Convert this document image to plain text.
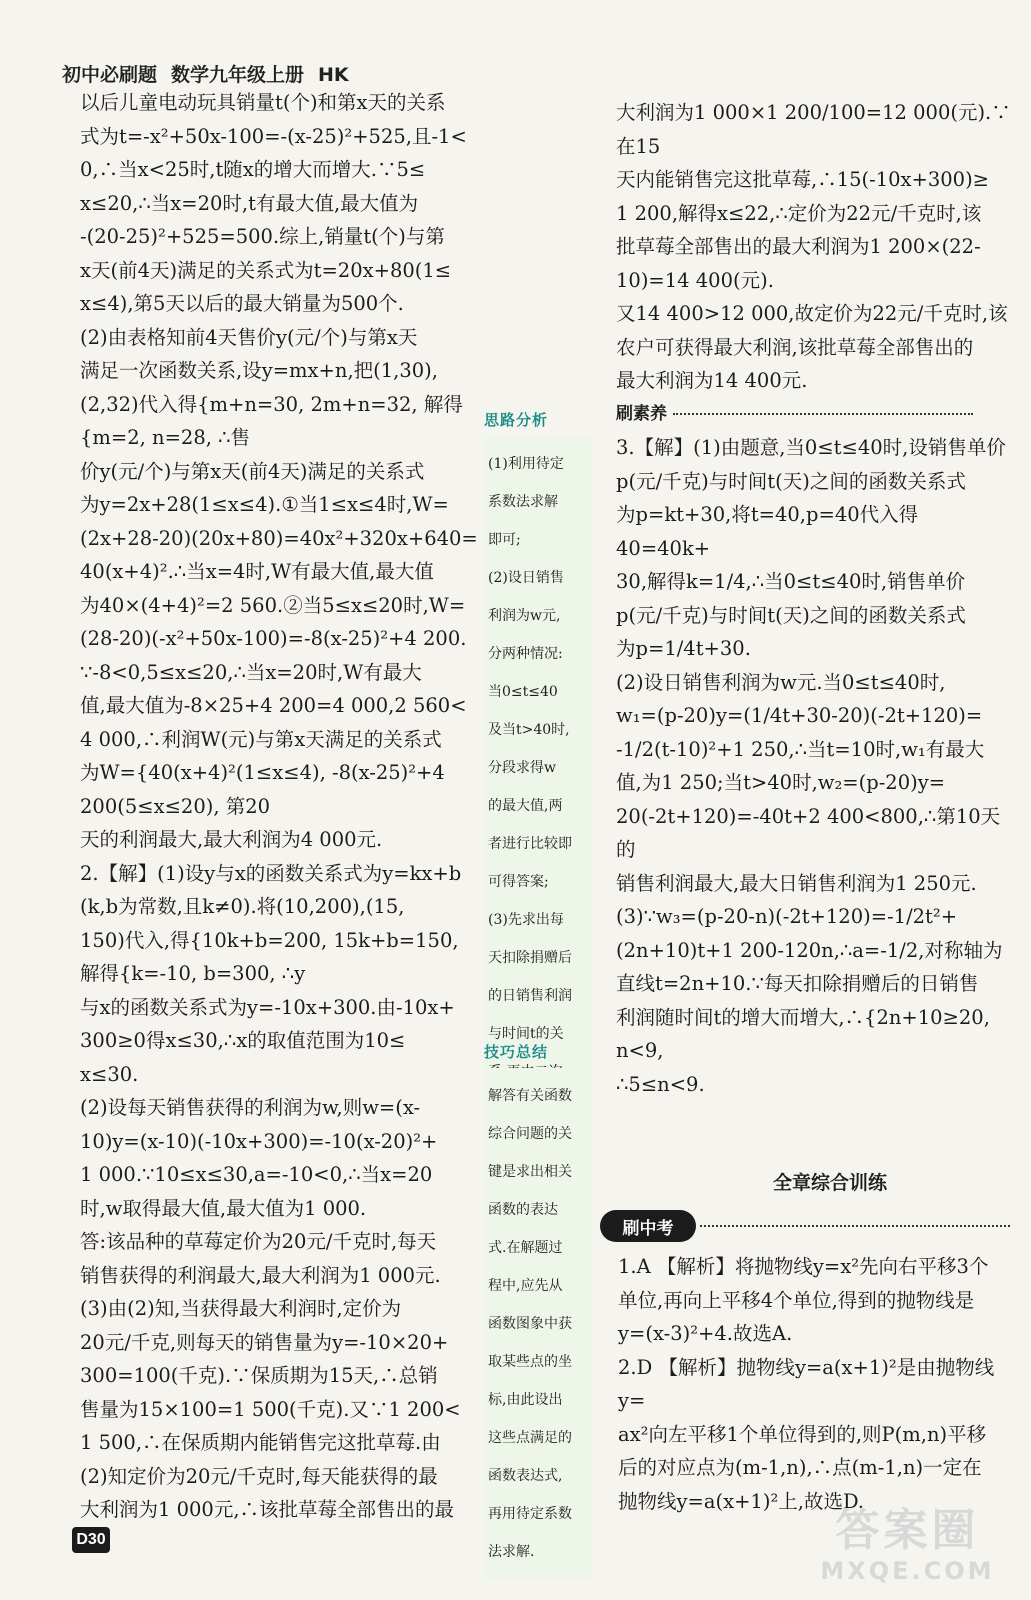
初中必刷题 数学九年级上册 HK

以后儿童电动玩具销量t(个)和第x天的关系

式为t=-x²+50x-100=-(x-25)²+525,且-1<

0,∴当x<25时,t随x的增大而增大.∵5≤

x≤20,∴当x=20时,t有最大值,最大值为

-(20-25)²+525=500.综上,销量t(个)与第

x天(前4天)满足的关系式为t=20x+80(1≤

x≤4),第5天以后的最大销量为500个.

(2)由表格知前4天售价y(元/个)与第x天

满足一次函数关系,设y=mx+n,把(1,30),

(2,32)代入得{m+n=30, 2m+n=32, 解得{m=2, n=28, ∴售

价y(元/个)与第x天(前4天)满足的关系式

为y=2x+28(1≤x≤4).①当1≤x≤4时,W=

(2x+28-20)(20x+80)=40x²+320x+640=

40(x+4)².∴当x=4时,W有最大值,最大值

为40×(4+4)²=2 560.②当5≤x≤20时,W=

(28-20)(-x²+50x-100)=-8(x-25)²+4 200.

∵-8<0,5≤x≤20,∴当x=20时,W有最大

值,最大值为-8×25+4 200=4 000,2 560<

4 000,∴利润W(元)与第x天满足的关系式

为W={40(x+4)²(1≤x≤4), -8(x-25)²+4 200(5≤x≤20), 第20

天的利润最大,最大利润为4 000元.

2.【解】(1)设y与x的函数关系式为y=kx+b

(k,b为常数,且k≠0).将(10,200),(15,

150)代入,得{10k+b=200, 15k+b=150, 解得{k=-10, b=300, ∴y

与x的函数关系式为y=-10x+300.由-10x+

300≥0得x≤30,∴x的取值范围为10≤

x≤30.

(2)设每天销售获得的利润为w,则w=(x-

10)y=(x-10)(-10x+300)=-10(x-20)²+

1 000.∵10≤x≤30,a=-10<0,∴当x=20

时,w取得最大值,最大值为1 000.

答:该品种的草莓定价为20元/千克时,每天

销售获得的利润最大,最大利润为1 000元.

(3)由(2)知,当获得最大利润时,定价为

20元/千克,则每天的销售量为y=-10×20+

300=100(千克).∵保质期为15天,∴总销

售量为15×100=1 500(千克).又∵1 200<

1 500,∴在保质期内能销售完这批草莓.由

(2)知定价为20元/千克时,每天能获得的最

大利润为1 000元,∴该批草莓全部售出的最

思路分析

(1)利用待定

系数法求解

即可;

(2)设日销售

利润为w元,

分两种情况:

当0≤t≤40

及当t>40时,

分段求得w

的最大值,两

者进行比较即

可得答案;

(3)先求出每

天扣除捐赠后

的日销售利润

与时间t的关

技巧总结

解答有关函数

综合问题的关

键是求出相关

函数的表达

式.在解题过

程中,应先从

函数图象中获

取某些点的坐

标,由此设出

这些点满足的

函数表达式,

再用待定系数

法求解.

大利润为1 000×1 200/100=12 000(元).∵在15

天内能销售完这批草莓,∴15(-10x+300)≥

1 200,解得x≤22,∴定价为22元/千克时,该

批草莓全部售出的最大利润为1 200×(22-

10)=14 400(元).

又14 400>12 000,故定价为22元/千克时,该

农户可获得最大利润,该批草莓全部售出的

最大利润为14 400元.

刷素养

3.【解】(1)由题意,当0≤t≤40时,设销售单价

p(元/千克)与时间t(天)之间的函数关系式

为p=kt+30,将t=40,p=40代入得40=40k+

30,解得k=1/4,∴当0≤t≤40时,销售单价

p(元/千克)与时间t(天)之间的函数关系式

为p=1/4t+30.

(2)设日销售利润为w元.当0≤t≤40时,

w₁=(p-20)y=(1/4t+30-20)(-2t+120)=

-1/2(t-10)²+1 250,∴当t=10时,w₁有最大

值,为1 250;当t>40时,w₂=(p-20)y=

20(-2t+120)=-40t+2 400<800,∴第10天的

销售利润最大,最大日销售利润为1 250元.

(3)∵w₃=(p-20-n)(-2t+120)=-1/2t²+

(2n+10)t+1 200-120n,∴a=-1/2,对称轴为

直线t=2n+10.∵每天扣除捐赠后的日销售

利润随时间t的增大而增大,∴{2n+10≥20, n<9,

∴5≤n<9.

全章综合训练
刷中考

1.A 【解析】将抛物线y=x²先向右平移3个

单位,再向上平移4个单位,得到的抛物线是

y=(x-3)²+4.故选A.

2.D 【解析】抛物线y=a(x+1)²是由抛物线y=

ax²向左平移1个单位得到的,则P(m,n)平移

后的对应点为(m-1,n),∴点(m-1,n)一定在

抛物线y=a(x+1)²上,故选D.

D30	答案圈
MXQE.COM
